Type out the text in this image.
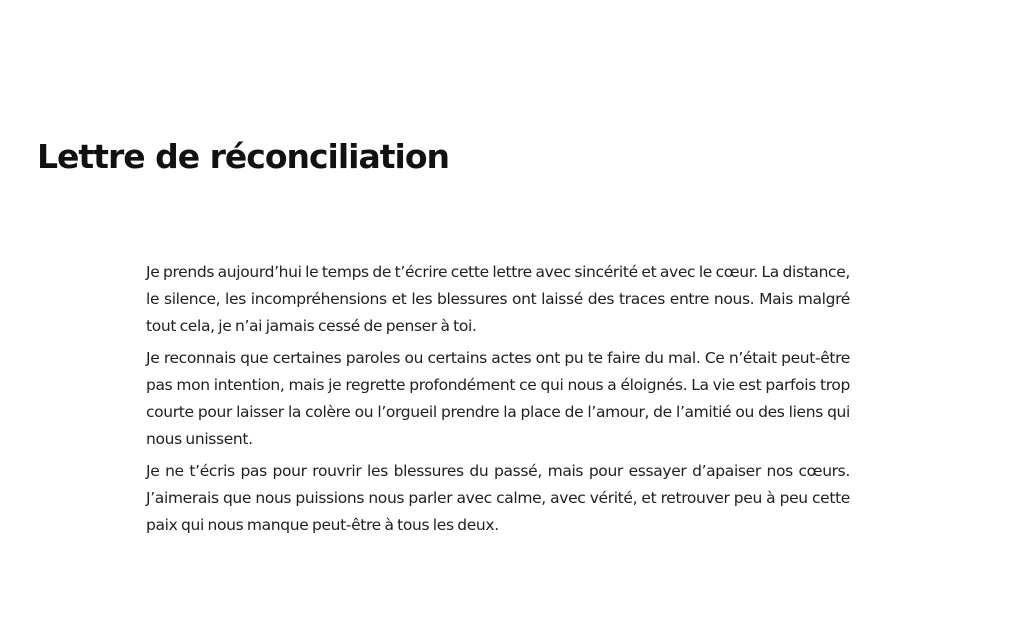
Lettre de réconciliation

Je prends aujourd’hui le temps de t’écrire cette lettre avec sincérité et avec le cœur. La distance, le silence, les incompréhensions et les blessures ont laissé des traces entre nous. Mais malgré tout cela, je n’ai jamais cessé de penser à toi.

Je reconnais que certaines paroles ou certains actes ont pu te faire du mal. Ce n’était peut-être pas mon intention, mais je regrette profondément ce qui nous a éloignés. La vie est parfois trop courte pour laisser la colère ou l’orgueil prendre la place de l’amour, de l’amitié ou des liens qui nous unissent.

Je ne t’écris pas pour rouvrir les blessures du passé, mais pour essayer d’apaiser nos cœurs. J’aimerais que nous puissions nous parler avec calme, avec vérité, et retrouver peu à peu cette paix qui nous manque peut-être à tous les deux.
